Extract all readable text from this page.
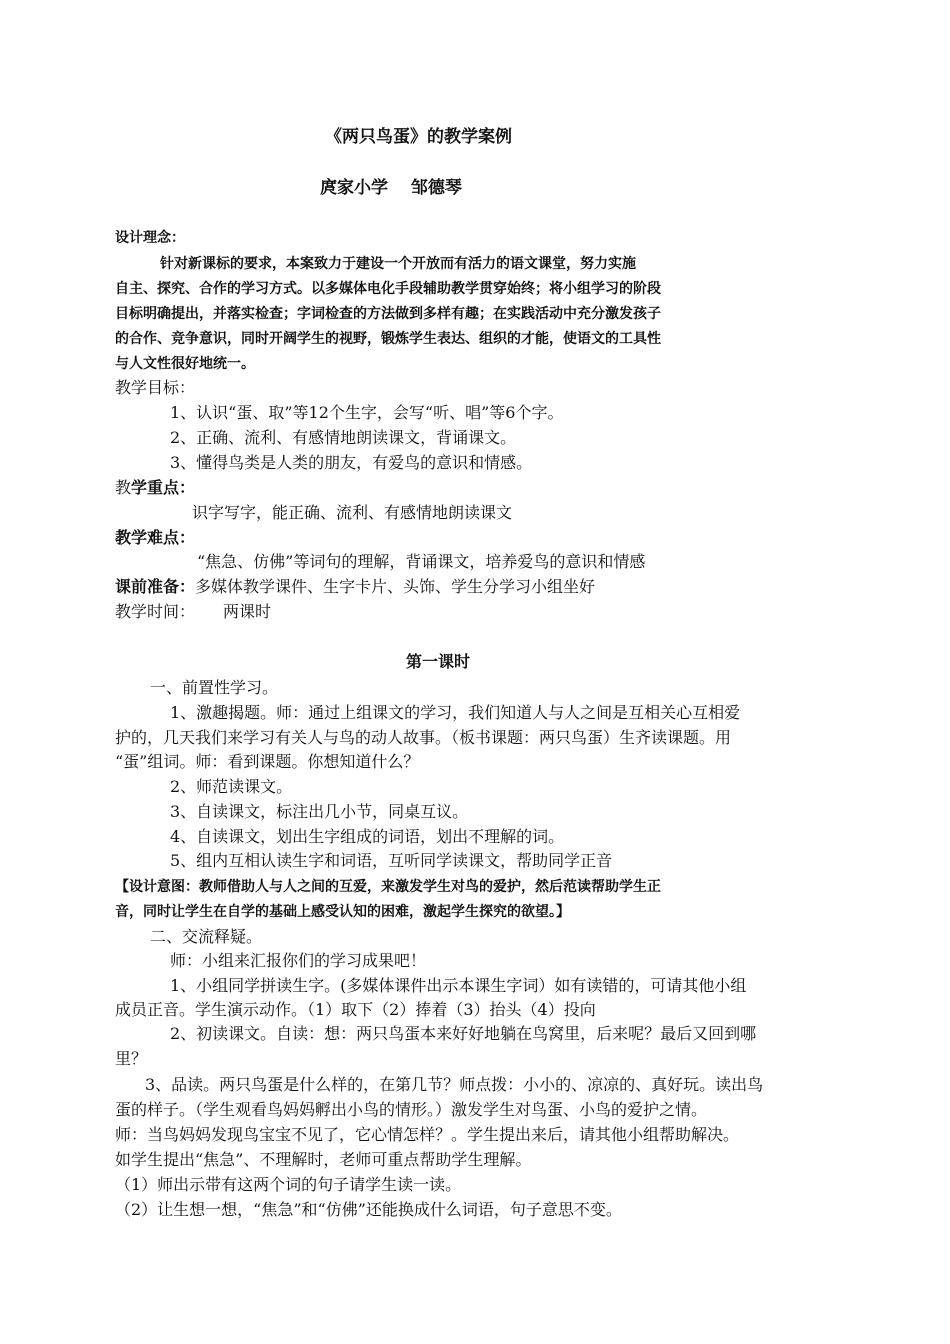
《两只鸟蛋》的教学案例
庹家小学 　邹德琴
设计理念：
针对新课标的要求，本案致力于建设一个开放而有活力的语文课堂，努力实施
自主、探究、合作的学习方式。以多媒体电化手段辅助教学贯穿始终；将小组学习的阶段
目标明确提出，并落实检查；字词检查的方法做到多样有趣；在实践活动中充分激发孩子
的合作、竞争意识，同时开阔学生的视野，锻炼学生表达、组织的才能，使语文的工具性
与人文性很好地统一。
教学目标：
1、认识“蛋、取”等12个生字，会写“听、唱”等6个字。
2、正确、流利、有感情地朗读课文，背诵课文。
3、懂得鸟类是人类的朋友，有爱鸟的意识和情感。
教学重点：
识字写字，能正确、流利、有感情地朗读课文
教学难点：
“焦急、仿佛”等词句的理解，背诵课文，培养爱鸟的意识和情感
课前准备：多媒体教学课件、生字卡片、头饰、学生分学习小组坐好
教学时间： 两课时
第一课时
一、前置性学习。
1、激趣揭题。师：通过上组课文的学习，我们知道人与人之间是互相关心互相爱
护的，几天我们来学习有关人与鸟的动人故事。（板书课题：两只鸟蛋）生齐读课题。用
“蛋”组词。师：看到课题。你想知道什么？
2、师范读课文。
3、自读课文，标注出几小节，同桌互议。
4、自读课文，划出生字组成的词语，划出不理解的词。
5、组内互相认读生字和词语，互听同学读课文，帮助同学正音
【设计意图：教师借助人与人之间的互爱，来激发学生对鸟的爱护，然后范读帮助学生正
音，同时让学生在自学的基础上感受认知的困难，激起学生探究的欲望。】
二、交流释疑。
师：小组来汇报你们的学习成果吧！
1、小组同学拼读生字。(多媒体课件出示本课生字词）如有读错的，可请其他小组
成员正音。学生演示动作。（1）取下（2）捧着（3）抬头（4）投向
2、初读课文。自读：想：两只鸟蛋本来好好地躺在鸟窝里，后来呢？最后又回到哪
里？
3、品读。两只鸟蛋是什么样的，在第几节？师点拨：小小的、凉凉的、真好玩。读出鸟
蛋的样子。（学生观看鸟妈妈孵出小鸟的情形。）激发学生对鸟蛋、小鸟的爱护之情。
师：当鸟妈妈发现鸟宝宝不见了，它心情怎样？。学生提出来后，请其他小组帮助解决。
如学生提出“焦急”、不理解时，老师可重点帮助学生理解。
（1）师出示带有这两个词的句子请学生读一读。
（2）让生想一想，“焦急”和“仿佛”还能换成什么词语，句子意思不变。
